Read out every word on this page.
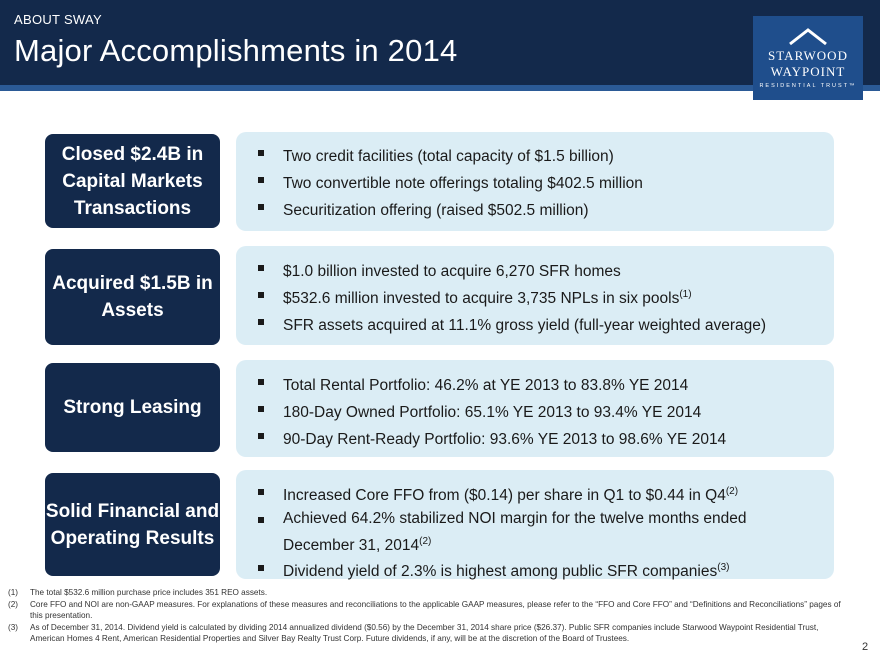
ABOUT SWAY
Major Accomplishments in 2014	STARWOOD
WAYPOINT
RESIDENTIAL TRUST™
Closed $2.4B in Capital Markets Transactions
Two credit facilities (total capacity of $1.5 billion)
Two convertible note offerings totaling $402.5 million
Securitization offering (raised $502.5 million)
Acquired $1.5B in Assets
$1.0 billion invested to acquire 6,270 SFR homes
$532.6 million invested to acquire 3,735 NPLs in six pools$^{(1)}$
SFR assets acquired at 11.1% gross yield (full-year weighted average)
Strong Leasing
Total Rental Portfolio: 46.2% at YE 2013 to 83.8% YE 2014
180-Day Owned Portfolio: 65.1% YE 2013 to 93.4% YE 2014
90-Day Rent-Ready Portfolio: 93.6% YE 2013 to 98.6% YE 2014
Solid Financial and Operating Results
Increased Core FFO from ($0.14) per share in Q1 to $0.44 in Q4$^{(2)}$
Achieved 64.2% stabilized NOI margin for the twelve months ended December 31, 2014$^{(2)}$
Dividend yield of 2.3% is highest among public SFR companies$^{(3)}$
(1) The total $532.6 million purchase price includes 351 REO assets.
(2) Core FFO and NOI are non-GAAP measures. For explanations of these measures and reconciliations to the applicable GAAP measures, please refer to the “FFO and Core FFO” and “Definitions and Reconciliations” pages of this presentation.
(3) As of December 31, 2014. Dividend yield is calculated by dividing 2014 annualized dividend ($0.56) by the December 31, 2014 share price ($26.37). Public SFR companies include Starwood Waypoint Residential Trust, American Homes 4 Rent, American Residential Properties and Silver Bay Realty Trust Corp. Future dividends, if any, will be at the discretion of the Board of Trustees.
2
